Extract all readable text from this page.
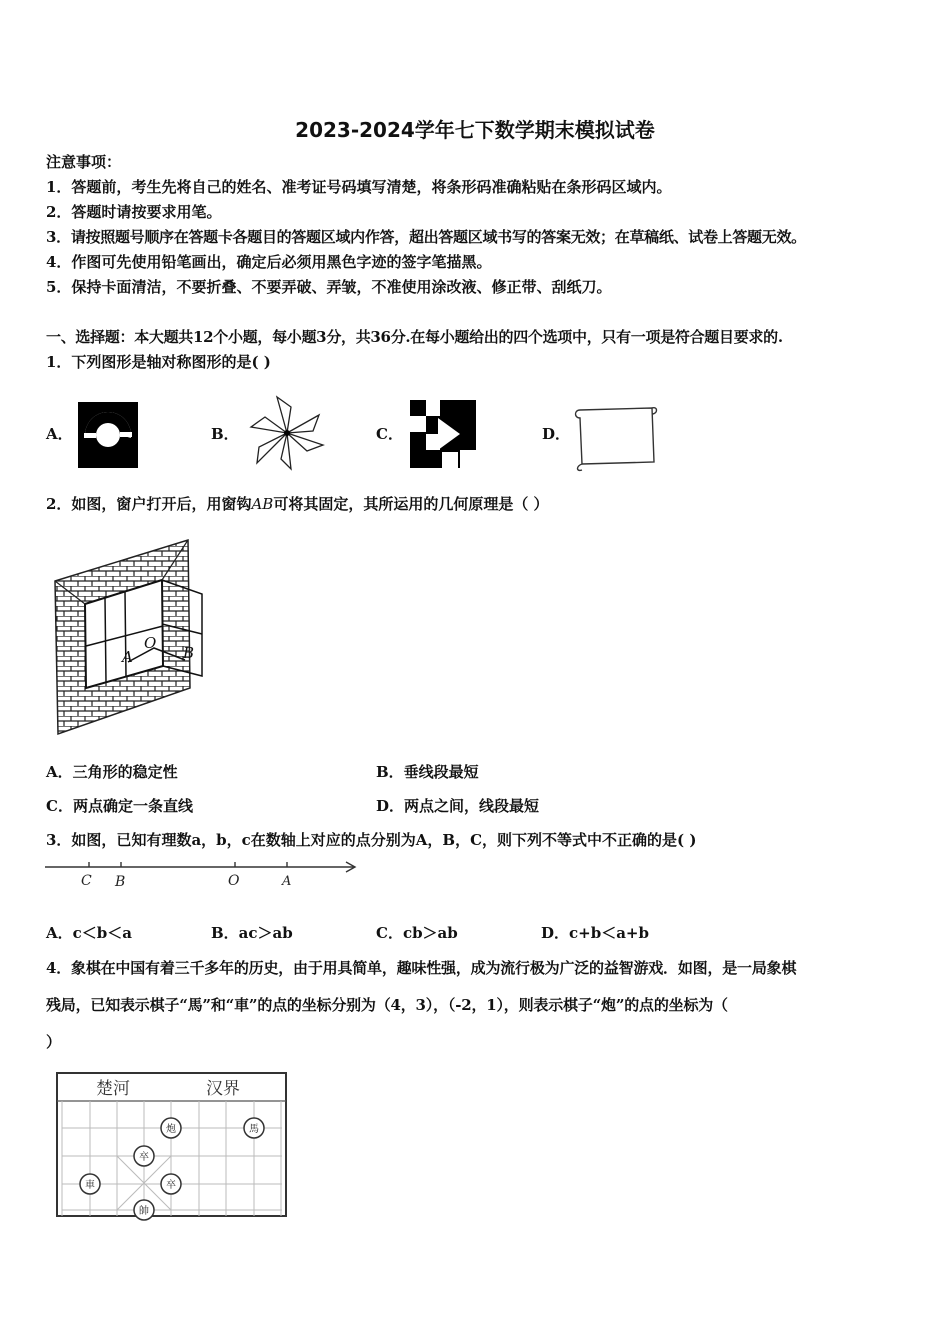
2023-2024学年七下数学期末模拟试卷
注意事项：
1．答题前，考生先将自己的姓名、准考证号码填写清楚，将条形码准确粘贴在条形码区域内。
2．答题时请按要求用笔。
3．请按照题号顺序在答题卡各题目的答题区域内作答，超出答题区域书写的答案无效；在草稿纸、试卷上答题无效。
4．作图可先使用铅笔画出，确定后必须用黑色字迹的签字笔描黑。
5．保持卡面清洁，不要折叠、不要弄破、弄皱，不准使用涂改液、修正带、刮纸刀。
一、选择题：本大题共12个小题，每小题3分，共36分.在每小题给出的四个选项中，只有一项是符合题目要求的.
1．下列图形是轴对称图形的是( )
A．	B．	C．	D．
2．如图，窗户打开后，用窗钩AB可将其固定，其所运用的几何原理是（ ）
A
O
B
A．三角形的稳定性	B．垂线段最短
C．两点确定一条直线	D．两点之间，线段最短
3．如图，已知有理数a，b，c在数轴上对应的点分别为A，B，C，则下列不等式中不正确的是( )
C B	O	A
A．c＜b＜a	B．ac＞ab	C．cb＞ab	D．c+b＜a+b
4．象棋在中国有着三千多年的历史，由于用具简单，趣味性强，成为流行极为广泛的益智游戏．如图，是一局象棋
残局，已知表示棋子“馬”和“車”的点的坐标分别为（4，3），（-2，1），则表示棋子“炮”的点的坐标为（
）
楚河	汉界
炮	馬
卒
車	卒
帥
